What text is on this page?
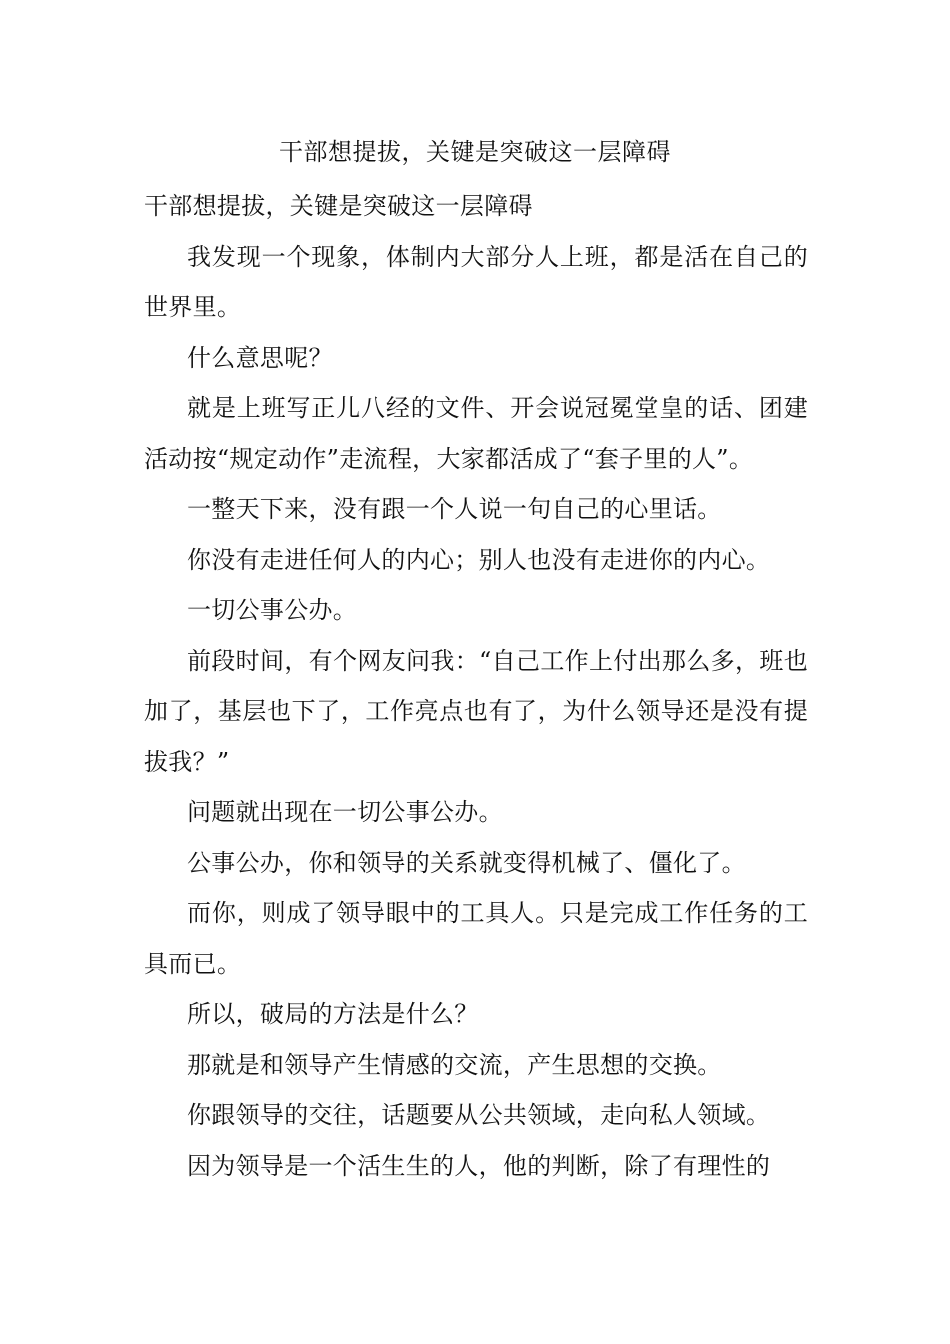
干部想提拔，关键是突破这一层障碍

干部想提拔，关键是突破这一层障碍

我发现一个现象，体制内大部分人上班，都是活在自己的世界里。

什么意思呢？

就是上班写正儿八经的文件、开会说冠冕堂皇的话、团建活动按“规定动作”走流程，大家都活成了“套子里的人”。

一整天下来，没有跟一个人说一句自己的心里话。

你没有走进任何人的内心；别人也没有走进你的内心。

一切公事公办。

前段时间，有个网友问我：“自己工作上付出那么多，班也加了，基层也下了，工作亮点也有了，为什么领导还是没有提拔我？”

问题就出现在一切公事公办。

公事公办，你和领导的关系就变得机械了、僵化了。

而你，则成了领导眼中的工具人。只是完成工作任务的工具而已。

所以，破局的方法是什么？

那就是和领导产生情感的交流，产生思想的交换。

你跟领导的交往，话题要从公共领域，走向私人领域。

因为领导是一个活生生的人，他的判断，除了有理性的
